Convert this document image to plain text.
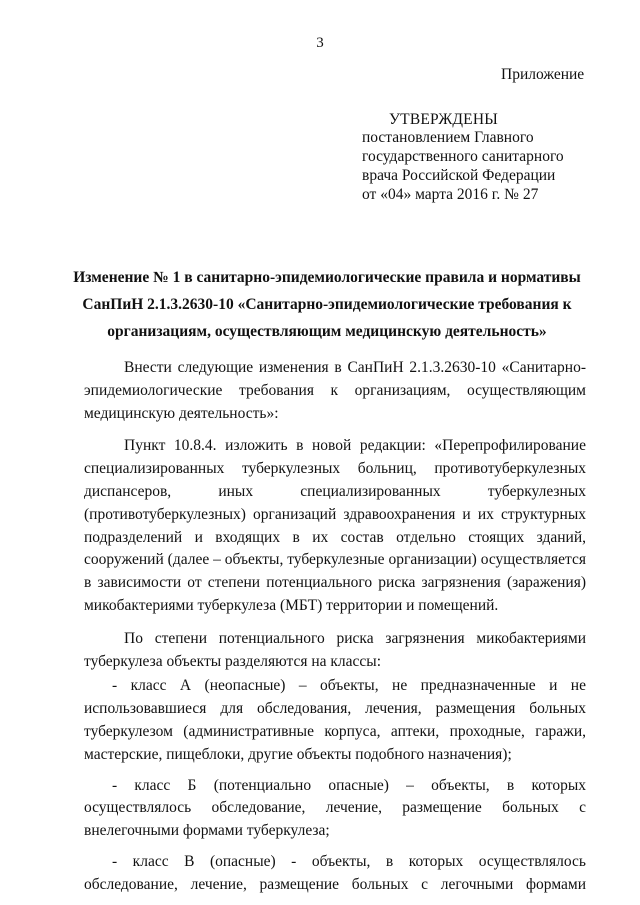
3
Приложение
УТВЕРЖДЕНЫ
постановлением Главного
государственного санитарного
врача Российской Федерации
от «04» марта 2016 г. № 27
Изменение № 1 в санитарно-эпидемиологические правила и нормативы
СанПиН 2.1.3.2630-10 «Санитарно-эпидемиологические требования к
организациям, осуществляющим медицинскую деятельность»
Внести следующие изменения в СанПиН 2.1.3.2630-10 «Санитарно-
эпидемиологические требования к организациям, осуществляющим
медицинскую деятельность»:
Пункт 10.8.4. изложить в новой редакции: «Перепрофилирование
специализированных туберкулезных больниц, противотуберкулезных
диспансеров, иных специализированных туберкулезных
(противотуберкулезных) организаций здравоохранения и их структурных
подразделений и входящих в их состав отдельно стоящих зданий,
сооружений (далее – объекты, туберкулезные организации) осуществляется
в зависимости от степени потенциального риска загрязнения (заражения)
микобактериями туберкулеза (МБТ) территории и помещений.
По степени потенциального риска загрязнения микобактериями
туберкулеза объекты разделяются на классы:
- класс А (неопасные) – объекты, не предназначенные и не
использовавшиеся для обследования, лечения, размещения больных
туберкулезом (административные корпуса, аптеки, проходные, гаражи,
мастерские, пищеблоки, другие объекты подобного назначения);
- класс Б (потенциально опасные) – объекты, в которых
осуществлялось обследование, лечение, размещение больных с
внелегочными формами туберкулеза;
- класс В (опасные) - объекты, в которых осуществлялось
обследование, лечение, размещение больных с легочными формами
